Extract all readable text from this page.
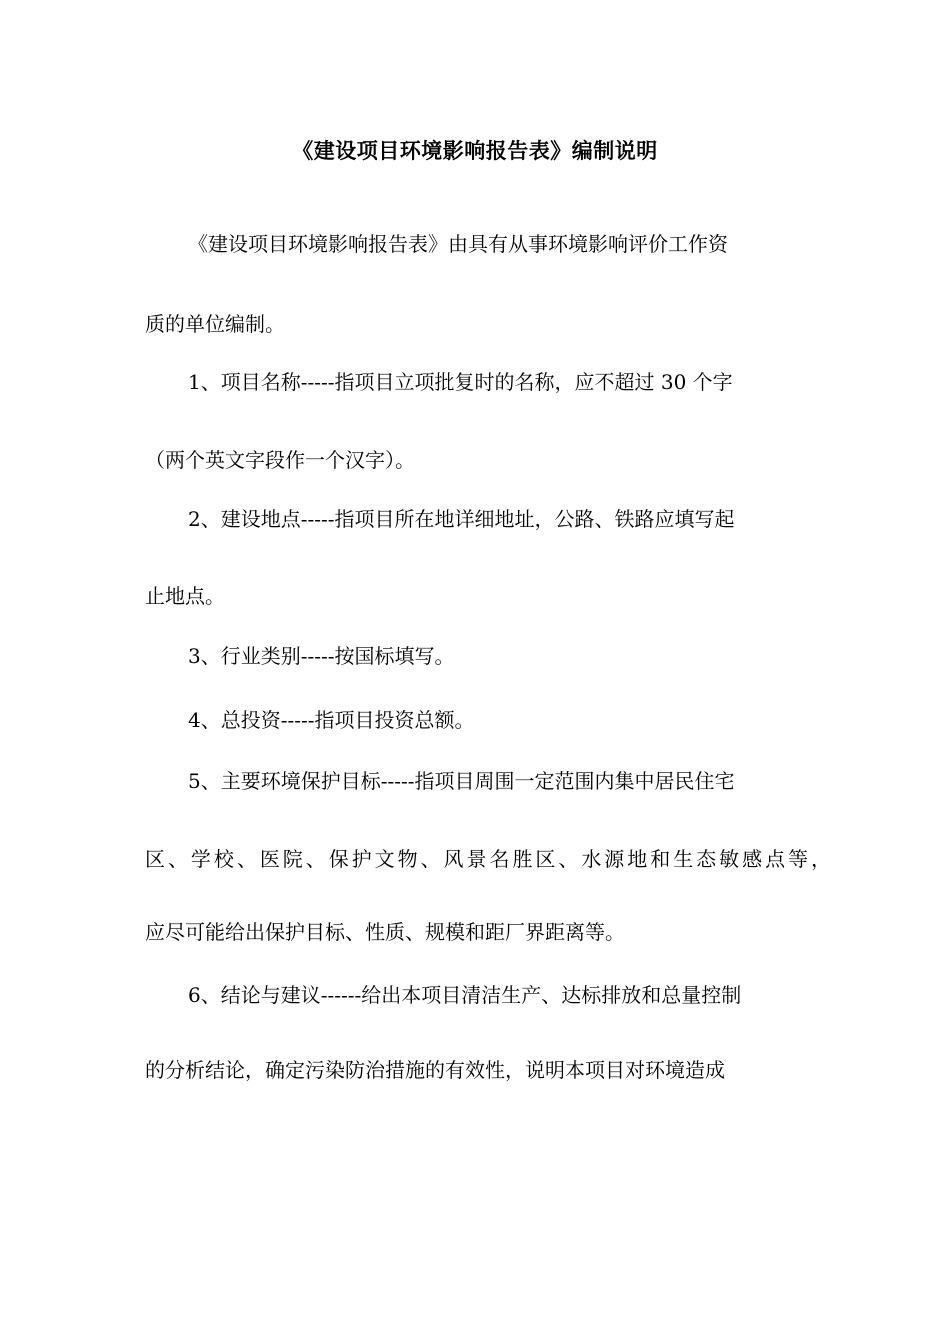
《建设项目环境影响报告表》编制说明
《建设项目环境影响报告表》由具有从事环境影响评价工作资
质的单位编制。
1、项目名称-----指项目立项批复时的名称，应不超过 30 个字
（两个英文字段作一个汉字）。
2、建设地点-----指项目所在地详细地址，公路、铁路应填写起
止地点。
3、行业类别-----按国标填写。
4、总投资-----指项目投资总额。
5、主要环境保护目标-----指项目周围一定范围内集中居民住宅
区、学校、医院、保护文物、风景名胜区、水源地和生态敏感点等，
应尽可能给出保护目标、性质、规模和距厂界距离等。
6、结论与建议------给出本项目清洁生产、达标排放和总量控制
的分析结论，确定污染防治措施的有效性，说明本项目对环境造成
